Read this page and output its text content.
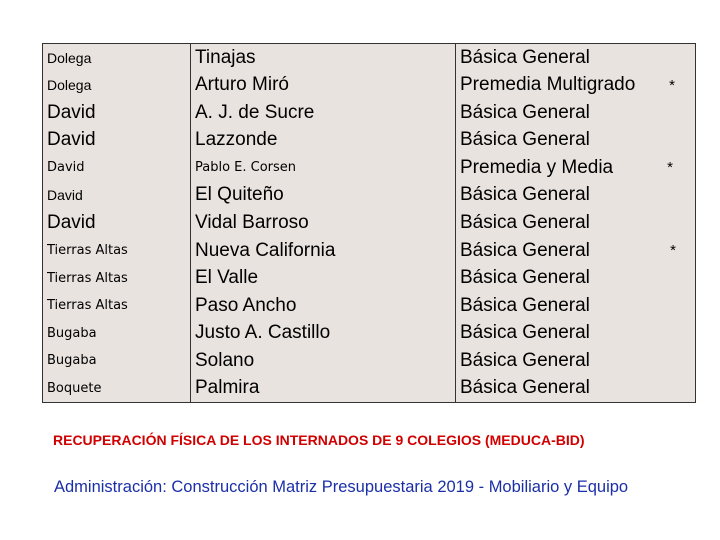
Dolega	Tinajas	Básica General
Dolega	Arturo Miró	Premedia Multigrado	*
David	A. J. de Sucre	Básica General
David	Lazzonde	Básica General
David	Pablo E. Corsen	Premedia y Media	*
David	El Quiteño	Básica General
David	Vidal Barroso	Básica General
Tierras Altas	Nueva California	Básica General	*
Tierras Altas	El Valle	Básica General
Tierras Altas	Paso Ancho	Básica General
Bugaba	Justo A. Castillo	Básica General
Bugaba	Solano	Básica General
Boquete	Palmira	Básica General
RECUPERACIÓN FÍSICA DE LOS INTERNADOS DE 9 COLEGIOS (MEDUCA-BID)
Administración: Construcción Matriz Presupuestaria 2019 - Mobiliario y Equipo
